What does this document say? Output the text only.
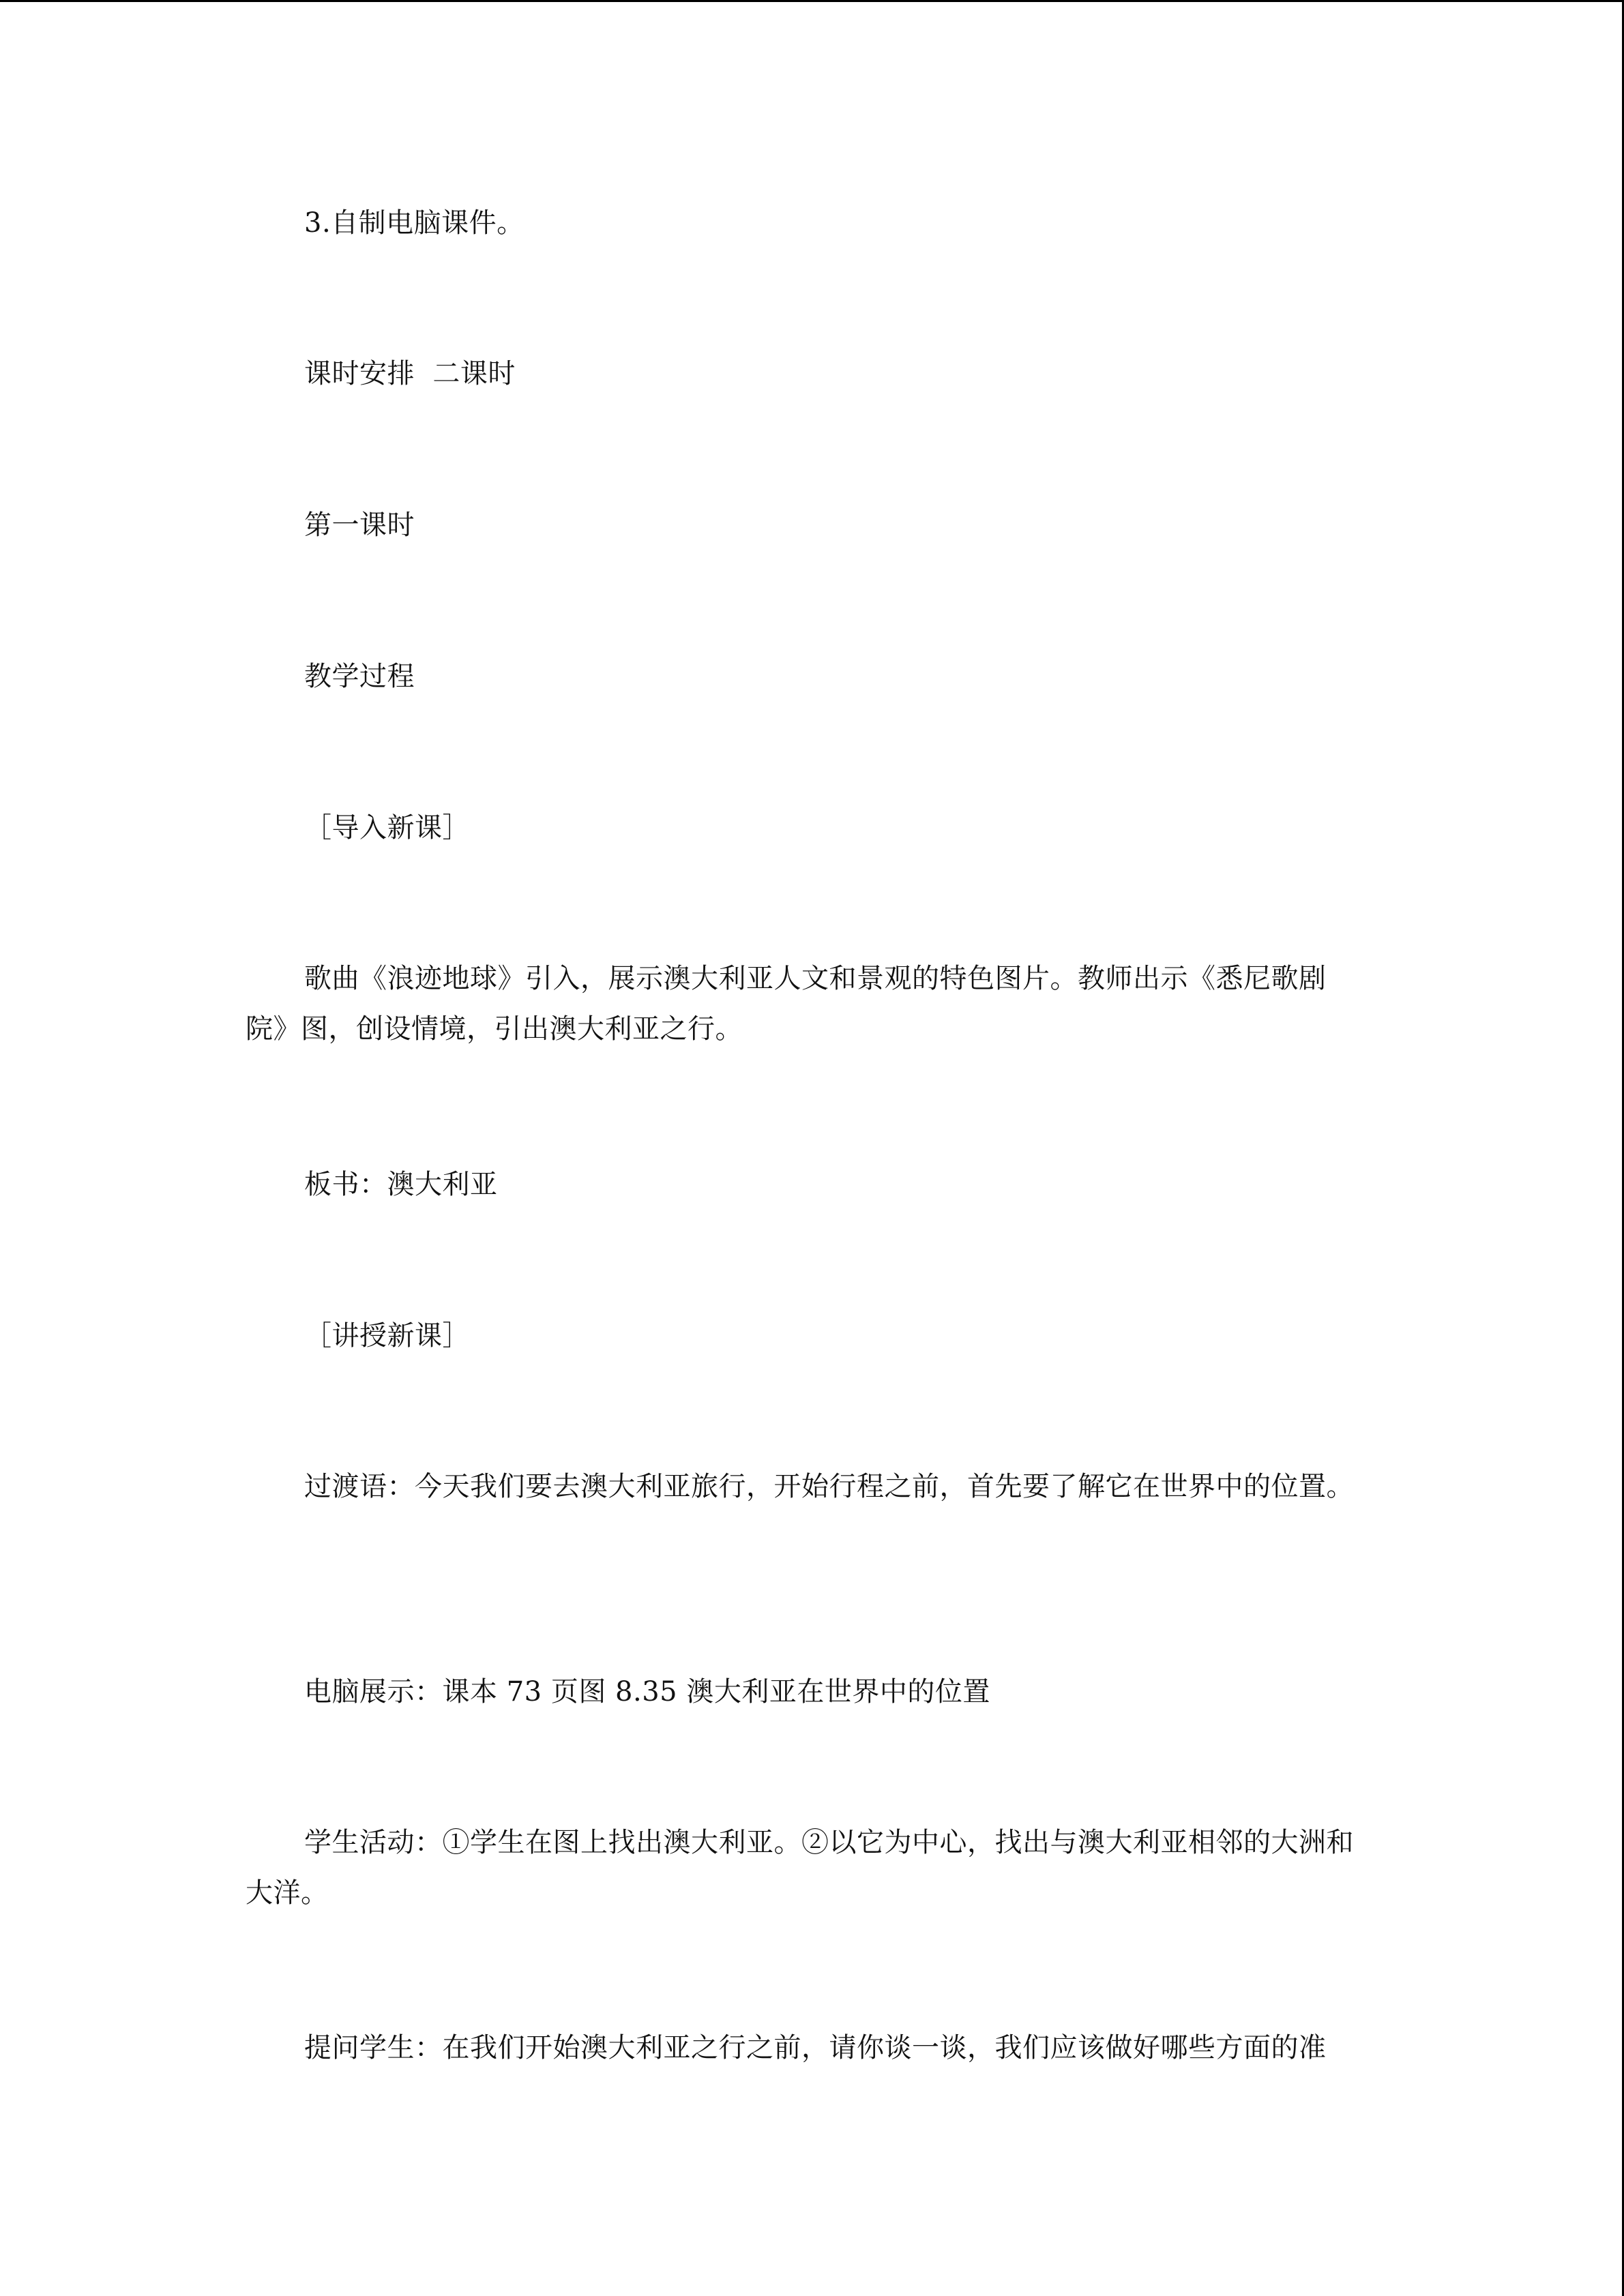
3.自制电脑课件。

课时安排  二课时

第一课时

教学过程

［导入新课］

歌曲《浪迹地球》引入，展示澳大利亚人文和景观的特色图片。教师出示《悉尼歌剧院》图，创设情境，引出澳大利亚之行。

板书：澳大利亚

［讲授新课］

过渡语：今天我们要去澳大利亚旅行，开始行程之前，首先要了解它在世界中的位置。

电脑展示：课本 73 页图 8.35 澳大利亚在世界中的位置

学生活动：①学生在图上找出澳大利亚。②以它为中心，找出与澳大利亚相邻的大洲和大洋。

提问学生：在我们开始澳大利亚之行之前，请你谈一谈，我们应该做好哪些方面的准
